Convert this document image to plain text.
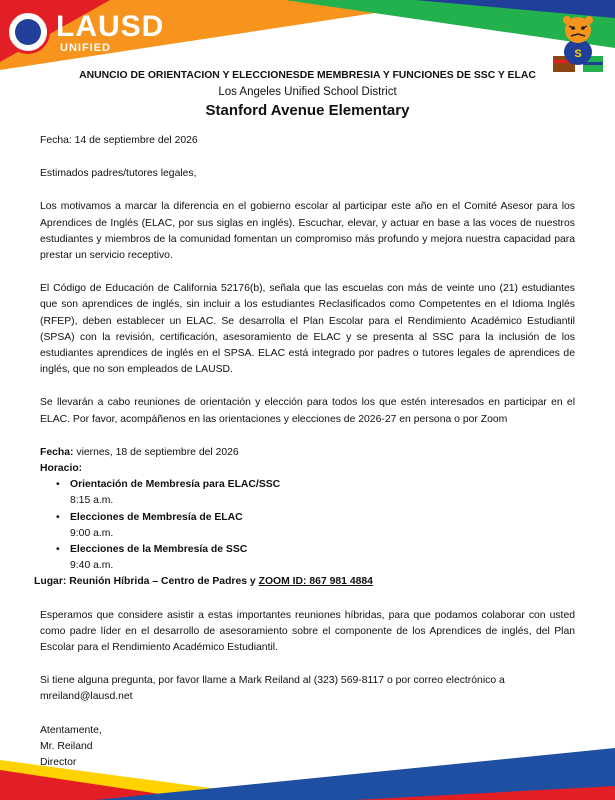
LAUSD
UNIFIED	S
ANUNCIO DE ORIENTACION Y ELECCIONESDE MEMBRESIA Y FUNCIONES DE SSC Y ELAC
Los Angeles Unified School District
Stanford Avenue Elementary

Fecha: 14 de septiembre del 2026

Estimados padres/tutores legales,

Los motivamos a marcar la diferencia en el gobierno escolar al participar este año en el Comité Asesor para los Aprendices de Inglés (ELAC, por sus siglas en inglés). Escuchar, elevar, y actuar en base a las voces de nuestros estudiantes y miembros de la comunidad fomentan un compromiso más profundo y mejora nuestra capacidad para prestar un servicio receptivo.

El Código de Educación de California 52176(b), señala que las escuelas con más de veinte uno (21) estudiantes que son aprendices de inglés, sin incluir a los estudiantes Reclasificados como Competentes en el Idioma Inglés (RFEP), deben establecer un ELAC. Se desarrolla el Plan Escolar para el Rendimiento Académico Estudiantil (SPSA) con la revisión, certificación, asesoramiento de ELAC y se presenta al SSC para la inclusión de los estudiantes aprendices de inglés en el SPSA. ELAC está integrado por padres o tutores legales de aprendices de inglés, que no son empleados de LAUSD.

Se llevarán a cabo reuniones de orientación y elección para todos los que estén interesados en participar en el ELAC. Por favor, acompáñenos en las orientaciones y elecciones de 2026-27 en persona o por Zoom

Fecha: viernes, 18 de septiembre del 2026
Horacio:
• Orientación de Membresía para ELAC/SSC
8:15 a.m.
• Elecciones de Membresía de ELAC
9:00 a.m.
• Elecciones de la Membresía de SSC
9:40 a.m.
Lugar: Reunión Híbrida – Centro de Padres y ZOOM ID: 867 981 4884

Esperamos que considere asistir a estas importantes reuniones híbridas, para que podamos colaborar con usted como padre líder en el desarrollo de asesoramiento sobre el componente de los Aprendices de inglés, del Plan Escolar para el Rendimiento Académico Estudiantil.

Si tiene alguna pregunta, por favor llame a Mark Reiland al (323) 569-8117 o por correo electrónico a mreiland@lausd.net

Atentamente,

Mr. Reiland

Director
